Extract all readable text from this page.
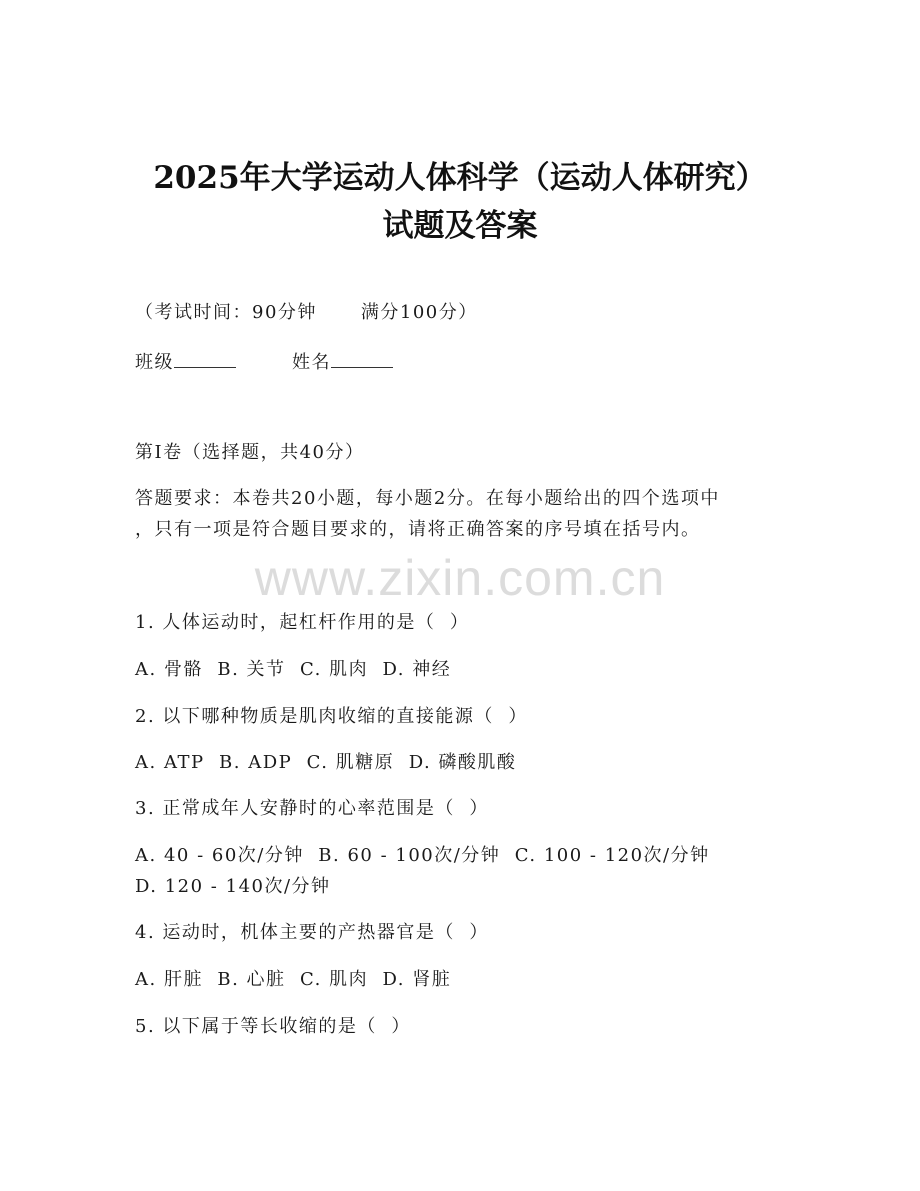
2025年大学运动人体科学（运动人体研究）
试题及答案
（考试时间：90分钟 满分100分）
班级	姓名
第I卷（选择题，共40分）
答题要求：本卷共20小题，每小题2分。在每小题给出的四个选项中
，只有一项是符合题目要求的，请将正确答案的序号填在括号内。
www.zixin.com.cn
1. 人体运动时，起杠杆作用的是（  ）
A. 骨骼  B. 关节  C. 肌肉  D. 神经
2. 以下哪种物质是肌肉收缩的直接能源（  ）
A. ATP  B. ADP  C. 肌糖原  D. 磷酸肌酸
3. 正常成年人安静时的心率范围是（  ）
A. 40 - 60次/分钟  B. 60 - 100次/分钟  C. 100 - 120次/分钟
D. 120 - 140次/分钟
4. 运动时，机体主要的产热器官是（  ）
A. 肝脏  B. 心脏  C. 肌肉  D. 肾脏
5. 以下属于等长收缩的是（  ）
